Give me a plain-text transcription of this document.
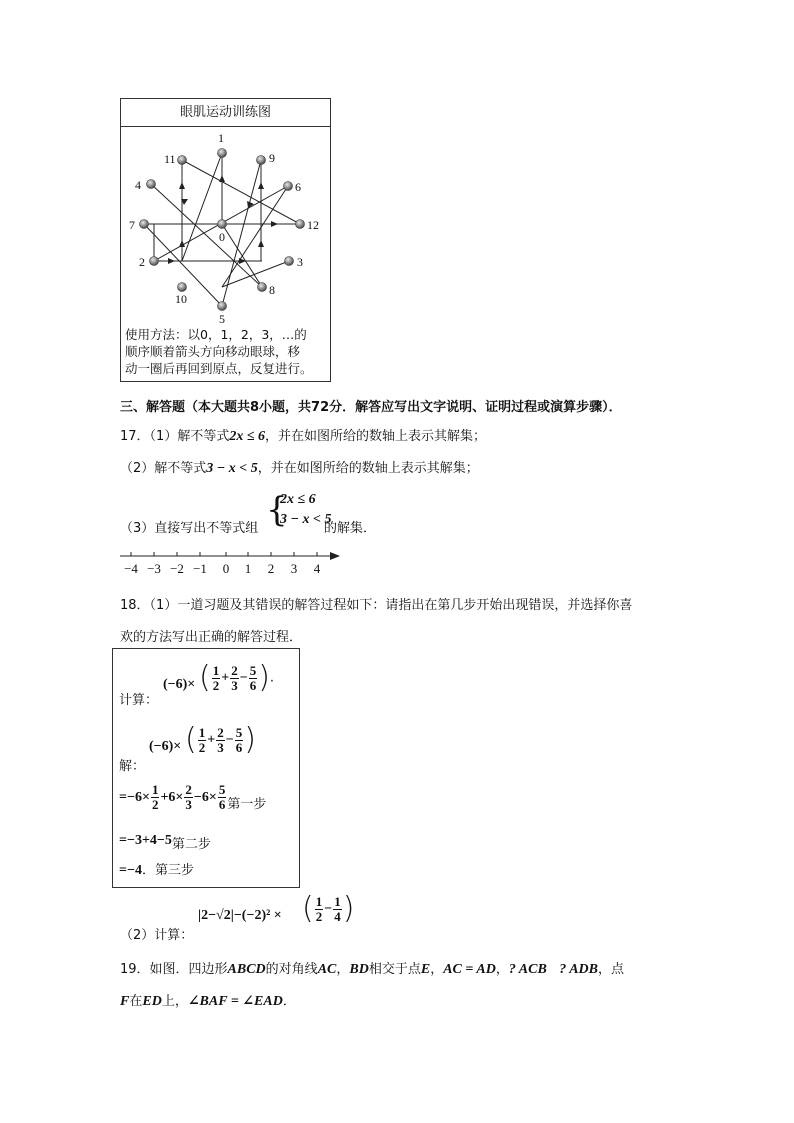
眼肌运动训练图
1
11	9
4	6
7
0
12
2	3
10
8
5
使用方法：以0，1，2，3，…的
顺序顺着箭头方向移动眼球，移
动一圈后再回到原点，反复进行。
三、解答题（本大题共8小题，共72分．解答应写出文字说明、证明过程或演算步骤）．
17．（1）解不等式2x ≤ 6，并在如图所给的数轴上表示其解集；
（2）解不等式3 − x < 5，并在如图所给的数轴上表示其解集；
（3）直接写出不等式组 {
2x ≤ 6
3 − x < 5
的解集．
−4 −3 −2 −1 0 1 2 3 4
18．（1）一道习题及其错误的解答过程如下：请指出在第几步开始出现错误，并选择你喜
欢的方法写出正确的解答过程．
计算：
(−6)× ( $\frac{1}{2} + \frac{2}{3} - \frac{5}{6}$ ).
解：
(−6)× ( $\frac{1}{2} + \frac{2}{3} - \frac{5}{6}$ )
$=-6\times \frac{1}{2} +6\times \frac{2}{3} -6\times \frac{5}{6}$ 第一步
=−3+4−5第二步
=−4．第三步
（2）计算：
|2−√2|−(−2)² × ( $\frac{1}{2} - \frac{1}{4}$ )
19．如图．四边形ABCD的对角线AC，BD相交于点E，AC = AD，? ACB ? ADB，点
F在ED上，∠BAF = ∠EAD．
